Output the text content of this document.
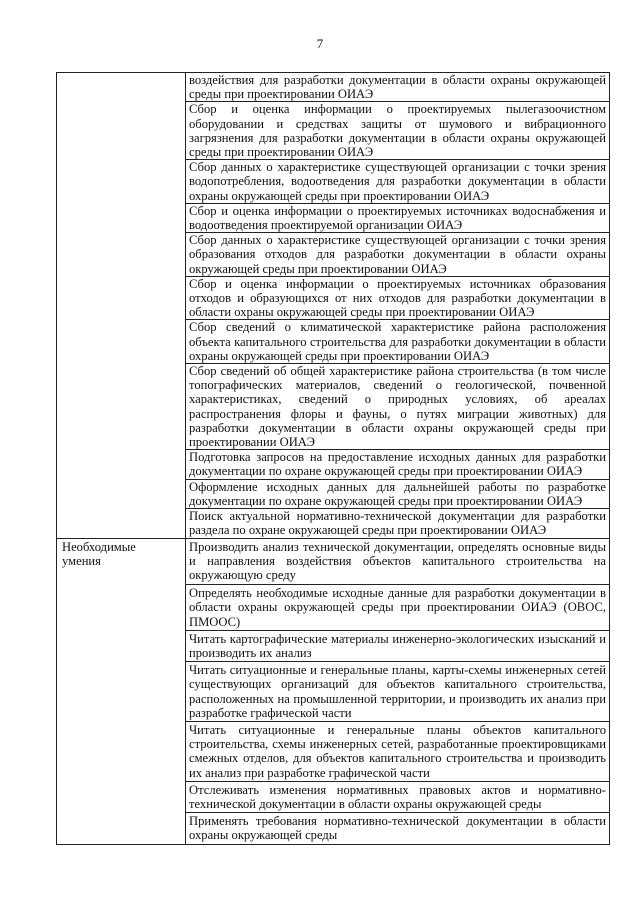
7
	воздействия для разработки документации в области охраны окружающей среды при проектировании ОИАЭ
	Сбор и оценка информации о проектируемых пылегазоочистном оборудовании и средствах защиты от шумового и вибрационного загрязнения для разработки документации в области охраны окружающей среды при проектировании ОИАЭ
	Сбор данных о характеристике существующей организации с точки зрения водопотребления, водоотведения для разработки документации в области охраны окружающей среды при проектировании ОИАЭ
	Сбор и оценка информации о проектируемых источниках водоснабжения и водоотведения проектируемой организации ОИАЭ
	Сбор данных о характеристике существующей организации с точки зрения образования отходов для разработки документации в области охраны окружающей среды при проектировании ОИАЭ
	Сбор и оценка информации о проектируемых источниках образования отходов и образующихся от них отходов для разработки документации в области охраны окружающей среды при проектировании ОИАЭ
	Сбор сведений о климатической характеристике района расположения объекта капитального строительства для разработки документации в области охраны окружающей среды при проектировании ОИАЭ
	Сбор сведений об общей характеристике района строительства (в том числе топографических материалов, сведений о геологической, почвенной характеристиках, сведений о природных условиях, об ареалах распространения флоры и фауны, о путях миграции животных) для разработки документации в области охраны окружающей среды при проектировании ОИАЭ
	Подготовка запросов на предоставление исходных данных для разработки документации по охране окружающей среды при проектировании ОИАЭ
	Оформление исходных данных для дальнейшей работы по разработке документации по охране окружающей среды при проектировании ОИАЭ
	Поиск актуальной нормативно-технической документации для разработки раздела по охране окружающей среды при проектировании ОИАЭ
Необходимые
умения	Производить анализ технической документации, определять основные виды и направления воздействия объектов капитального строительства на окружающую среду
	Определять необходимые исходные данные для разработки документации в области охраны окружающей среды при проектировании ОИАЭ (ОВОС, ПМООС)
	Читать картографические материалы инженерно-экологических изысканий и производить их анализ
	Читать ситуационные и генеральные планы, карты-схемы инженерных сетей существующих организаций для объектов капитального строительства, расположенных на промышленной территории, и производить их анализ при разработке графической части
	Читать ситуационные и генеральные планы объектов капитального строительства, схемы инженерных сетей, разработанные проектировщиками смежных отделов, для объектов капитального строительства и производить их анализ при разработке графической части
	Отслеживать изменения нормативных правовых актов и нормативно-технической документации в области охраны окружающей среды
	Применять требования нормативно-технической документации в области охраны окружающей среды
